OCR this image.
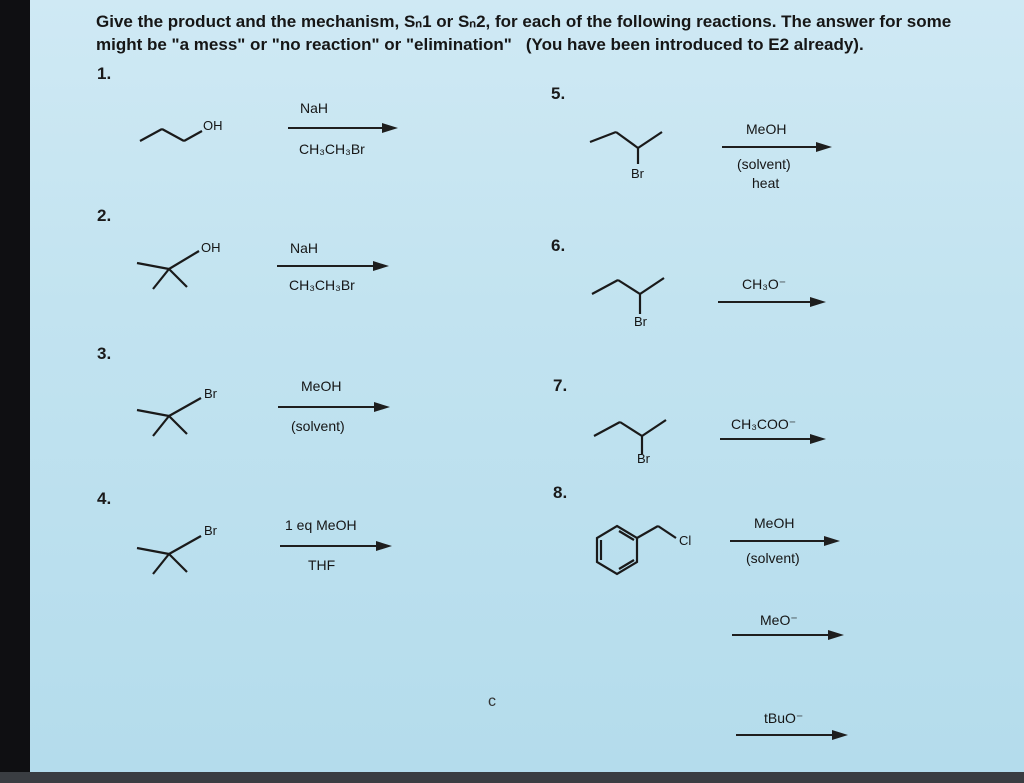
Give the product and the mechanism, Sₙ1 or Sₙ2, for each of the following reactions. The answer for some
might be "a mess" or "no reaction" or "elimination" (You have been introduced to E2 already).
1.
OH
NaH
CH₃CH₃Br
2.
OH	NaH
CH₃CH₃Br
3.
Br	MeOH
(solvent)
4.
Br	1 eq MeOH
THF
5.
Br
MeOH
(solvent)
heat
6.
Br
CH₃O⁻
7.
Br
CH₃COO⁻
8.
Cl
MeOH
(solvent)
MeO⁻
tBuO⁻
c
